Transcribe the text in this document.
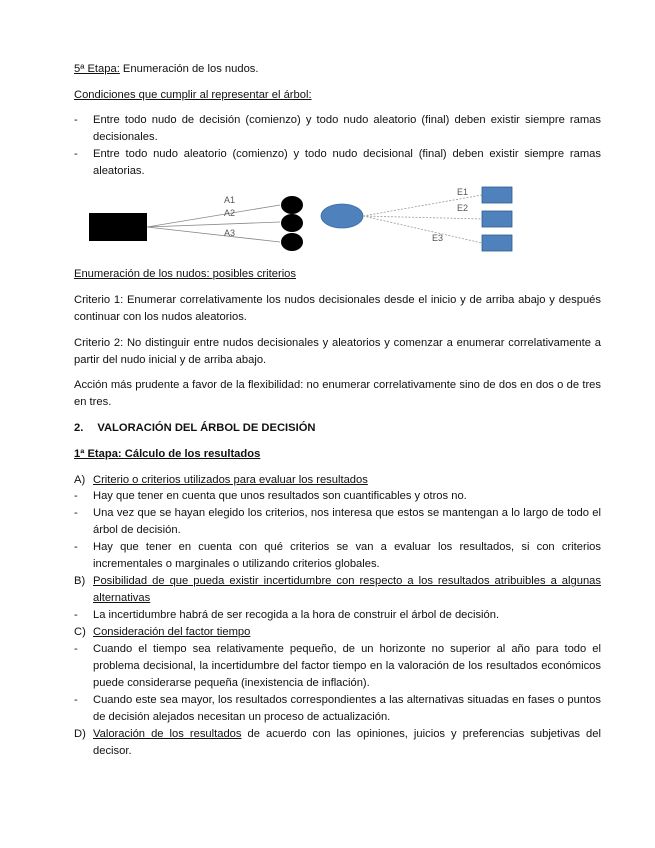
5ª Etapa: Enumeración de los nudos.

Condiciones que cumplir al representar el árbol:

-	Entre todo nudo de decisión (comienzo) y todo nudo aleatorio (final) deben existir siempre ramas decisionales.
-	Entre todo nudo aleatorio (comienzo) y todo nudo decisional (final) deben existir siempre ramas aleatorias.
A1
A2
A3
E1
E2
E3

Enumeración de los nudos: posibles criterios

Criterio 1: Enumerar correlativamente los nudos decisionales desde el inicio y de arriba abajo y después continuar con los nudos aleatorios.

Criterio 2: No distinguir entre nudos decisionales y aleatorios y comenzar a enumerar correlativamente a partir del nudo inicial y de arriba abajo.

Acción más prudente a favor de la flexibilidad: no enumerar correlativamente sino de dos en dos o de tres en tres.

2. VALORACIÓN DEL ÁRBOL DE DECISIÓN

1ª Etapa: Cálculo de los resultados

A) Criterio o criterios utilizados para evaluar los resultados
-	Hay que tener en cuenta que unos resultados son cuantificables y otros no.
-	Una vez que se hayan elegido los criterios, nos interesa que estos se mantengan a lo largo de todo el árbol de decisión.
-	Hay que tener en cuenta con qué criterios se van a evaluar los resultados, si con criterios incrementales o marginales o utilizando criterios globales.
B) Posibilidad de que pueda existir incertidumbre con respecto a los resultados atribuibles a algunas alternativas
-	La incertidumbre habrá de ser recogida a la hora de construir el árbol de decisión.
C) Consideración del factor tiempo
-	Cuando el tiempo sea relativamente pequeño, de un horizonte no superior al año para todo el problema decisional, la incertidumbre del factor tiempo en la valoración de los resultados económicos puede considerarse pequeña (inexistencia de inflación).
-	Cuando este sea mayor, los resultados correspondientes a las alternativas situadas en fases o puntos de decisión alejados necesitan un proceso de actualización.
D) Valoración de los resultados de acuerdo con las opiniones, juicios y preferencias subjetivas del decisor.
